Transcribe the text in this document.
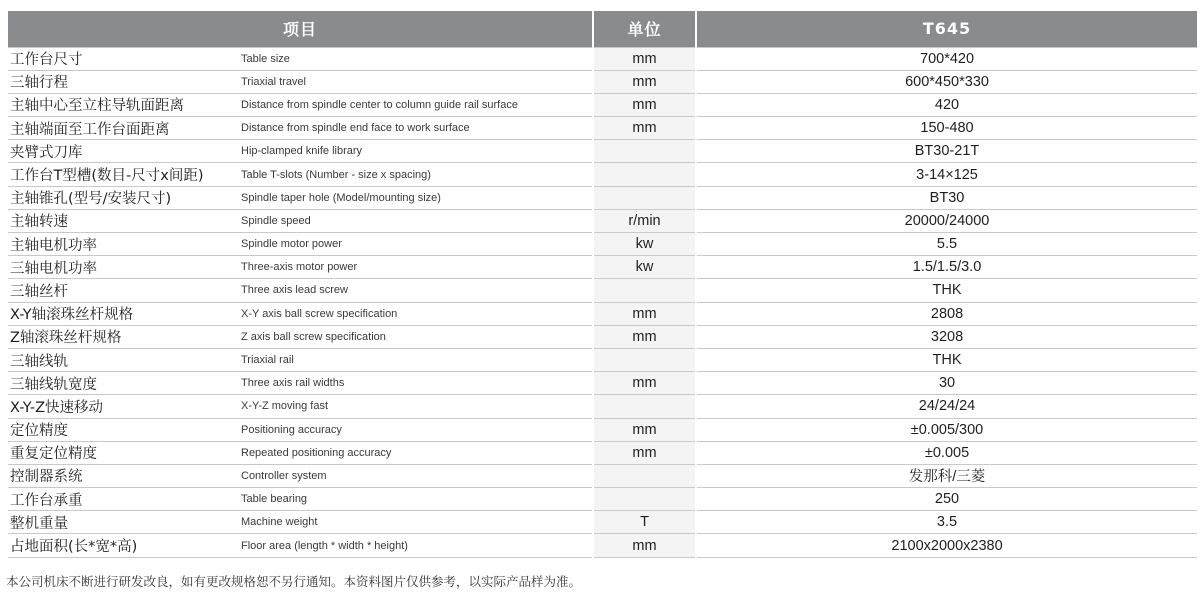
项目		单位	T645
工作台尺寸	Table size	mm	700*420
三轴行程	Triaxial travel	mm	600*450*330
主轴中心至立柱导轨面距离	Distance from spindle center to column guide rail surface	mm	420
主轴端面至工作台面距离	Distance from spindle end face to work surface	mm	150-480
夹臂式刀库	Hip-clamped knife library		BT30-21T
工作台T型槽(数目-尺寸x间距)	Table T-slots (Number - size x spacing)		3-14×125
主轴锥孔(型号/安装尺寸)	Spindle taper hole (Model/mounting size)		BT30
主轴转速	Spindle speed	r/min	20000/24000
主轴电机功率	Spindle motor power	kw	5.5
三轴电机功率	Three-axis motor power	kw	1.5/1.5/3.0
三轴丝杆	Three axis lead screw		THK
X-Y轴滚珠丝杆规格	X-Y axis ball screw specification	mm	2808
Z轴滚珠丝杆规格	Z axis ball screw specification	mm	3208
三轴线轨	Triaxial rail		THK
三轴线轨宽度	Three axis rail widths	mm	30
X-Y-Z快速移动	X-Y-Z moving fast		24/24/24
定位精度	Positioning accuracy	mm	±0.005/300
重复定位精度	Repeated positioning accuracy	mm	±0.005
控制器系统	Controller system		发那科/三菱
工作台承重	Table bearing		250
整机重量	Machine weight	T	3.5
占地面积(长*宽*高)	Floor area (length * width * height)	mm	2100x2000x2380
本公司机床不断进行研发改良，如有更改规格恕不另行通知。本资料图片仅供参考，以实际产品样为准。
